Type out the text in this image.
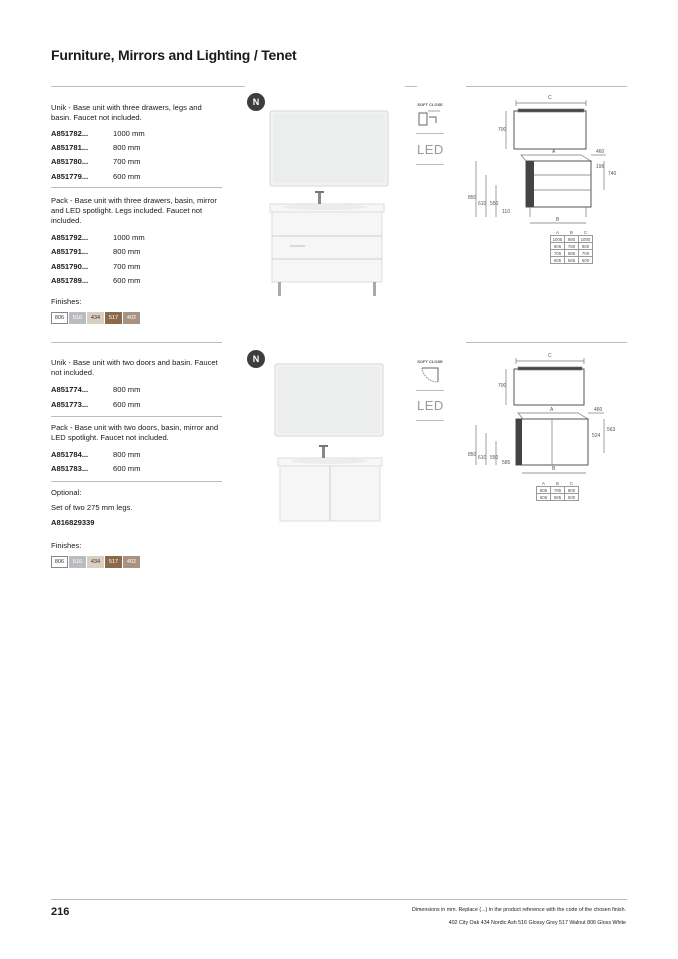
Furniture, Mirrors and Lighting / Tenet
Unik - Base unit with three drawers, legs and basin. Faucet not included.
A851782...	1000 mm
A851781...	800 mm
A851780...	700 mm
A851779...	600 mm
Pack - Base unit with three drawers, basin, mirror and LED spotlight. Legs included. Faucet not included.
A851792...	1000 mm
A851791...	800 mm
A851790...	700 mm
A851789...	600 mm
Finishes:
806	516	434	517	402
N	SOFT CLOSE
LED
C
700
A	460
196
740
850
610 550
110
B
A	B	C
1005	980	1000
805	780	800
705	685	700
605	585	600
Unik - Base unit with two doors and basin. Faucet not included.
A851774...	800 mm
A851773...	600 mm
Pack - Base unit with two doors, basin, mirror and LED spotlight. Faucet not included.
A851784...	800 mm
A851783...	600 mm
Optional:
Set of two 275 mm legs.
A816829339
Finishes:
806	516	434	517	402
N	SOFT CLOSE
LED
C
700
A	460
563
524
850 610 550
585
B
A	B	C
805	785	800
605	585	600
216	Dimensions in mm. Replace (...) in the product reference with the code of the chosen finish.
402 City Oak 434 Nordic Ash 516 Glossy Grey 517 Walnut 806 Gloss White
